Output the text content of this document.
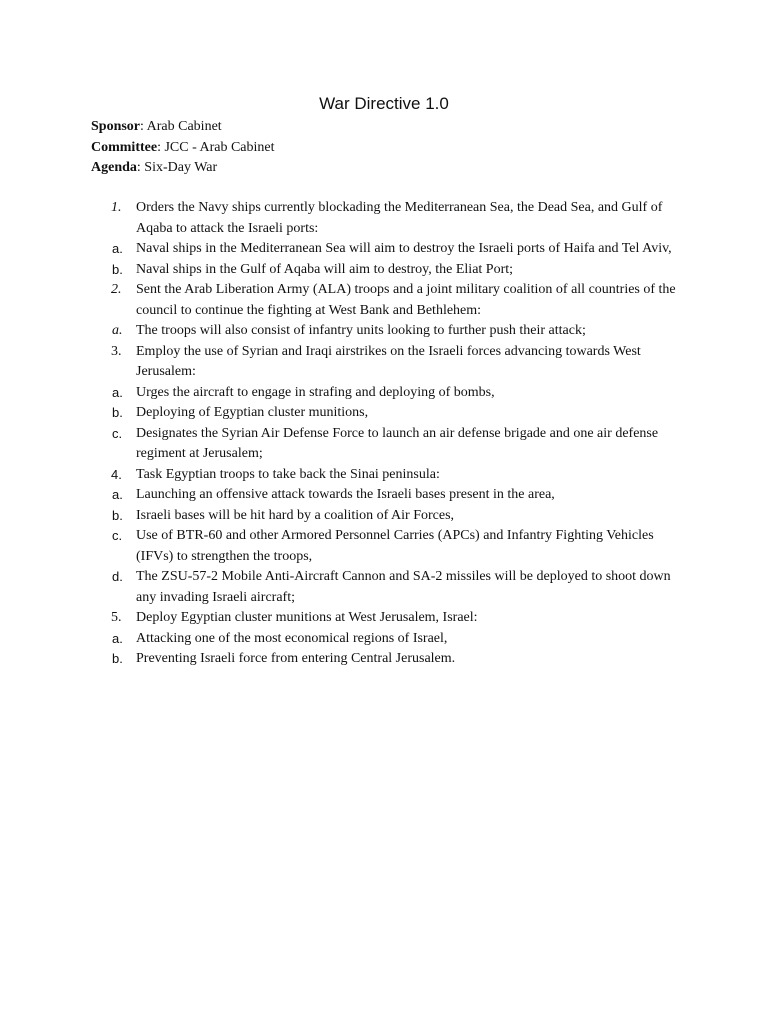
War Directive 1.0
Sponsor: Arab Cabinet
Committee: JCC - Arab Cabinet
Agenda: Six-Day War
1.	Orders the Navy ships currently blockading the Mediterranean Sea, the Dead Sea, and Gulf of Aqaba to attack the Israeli ports:
a. Naval ships in the Mediterranean Sea will aim to destroy the Israeli ports of Haifa and Tel Aviv,
b. Naval ships in the Gulf of Aqaba will aim to destroy, the Eliat Port;
2.	Sent the Arab Liberation Army (ALA) troops and a joint military coalition of all countries of the council to continue the fighting at West Bank and Bethlehem:
a. The troops will also consist of infantry units looking to further push their attack;
3.	Employ the use of Syrian and Iraqi airstrikes on the Israeli forces advancing towards West Jerusalem:
a. Urges the aircraft to engage in strafing and deploying of bombs,
b. Deploying of Egyptian cluster munitions,
c. Designates the Syrian Air Defense Force to launch an air defense brigade and one air defense regiment at Jerusalem;
4.	Task Egyptian troops to take back the Sinai peninsula:
a. Launching an offensive attack towards the Israeli bases present in the area,
b. Israeli bases will be hit hard by a coalition of Air Forces,
c. Use of BTR-60 and other Armored Personnel Carries (APCs) and Infantry Fighting Vehicles (IFVs) to strengthen the troops,
d. The ZSU-57-2 Mobile Anti-Aircraft Cannon and SA-2 missiles will be deployed to shoot down any invading Israeli aircraft;
5.	Deploy Egyptian cluster munitions at West Jerusalem, Israel:
a. Attacking one of the most economical regions of Israel,
b. Preventing Israeli force from entering Central Jerusalem.
